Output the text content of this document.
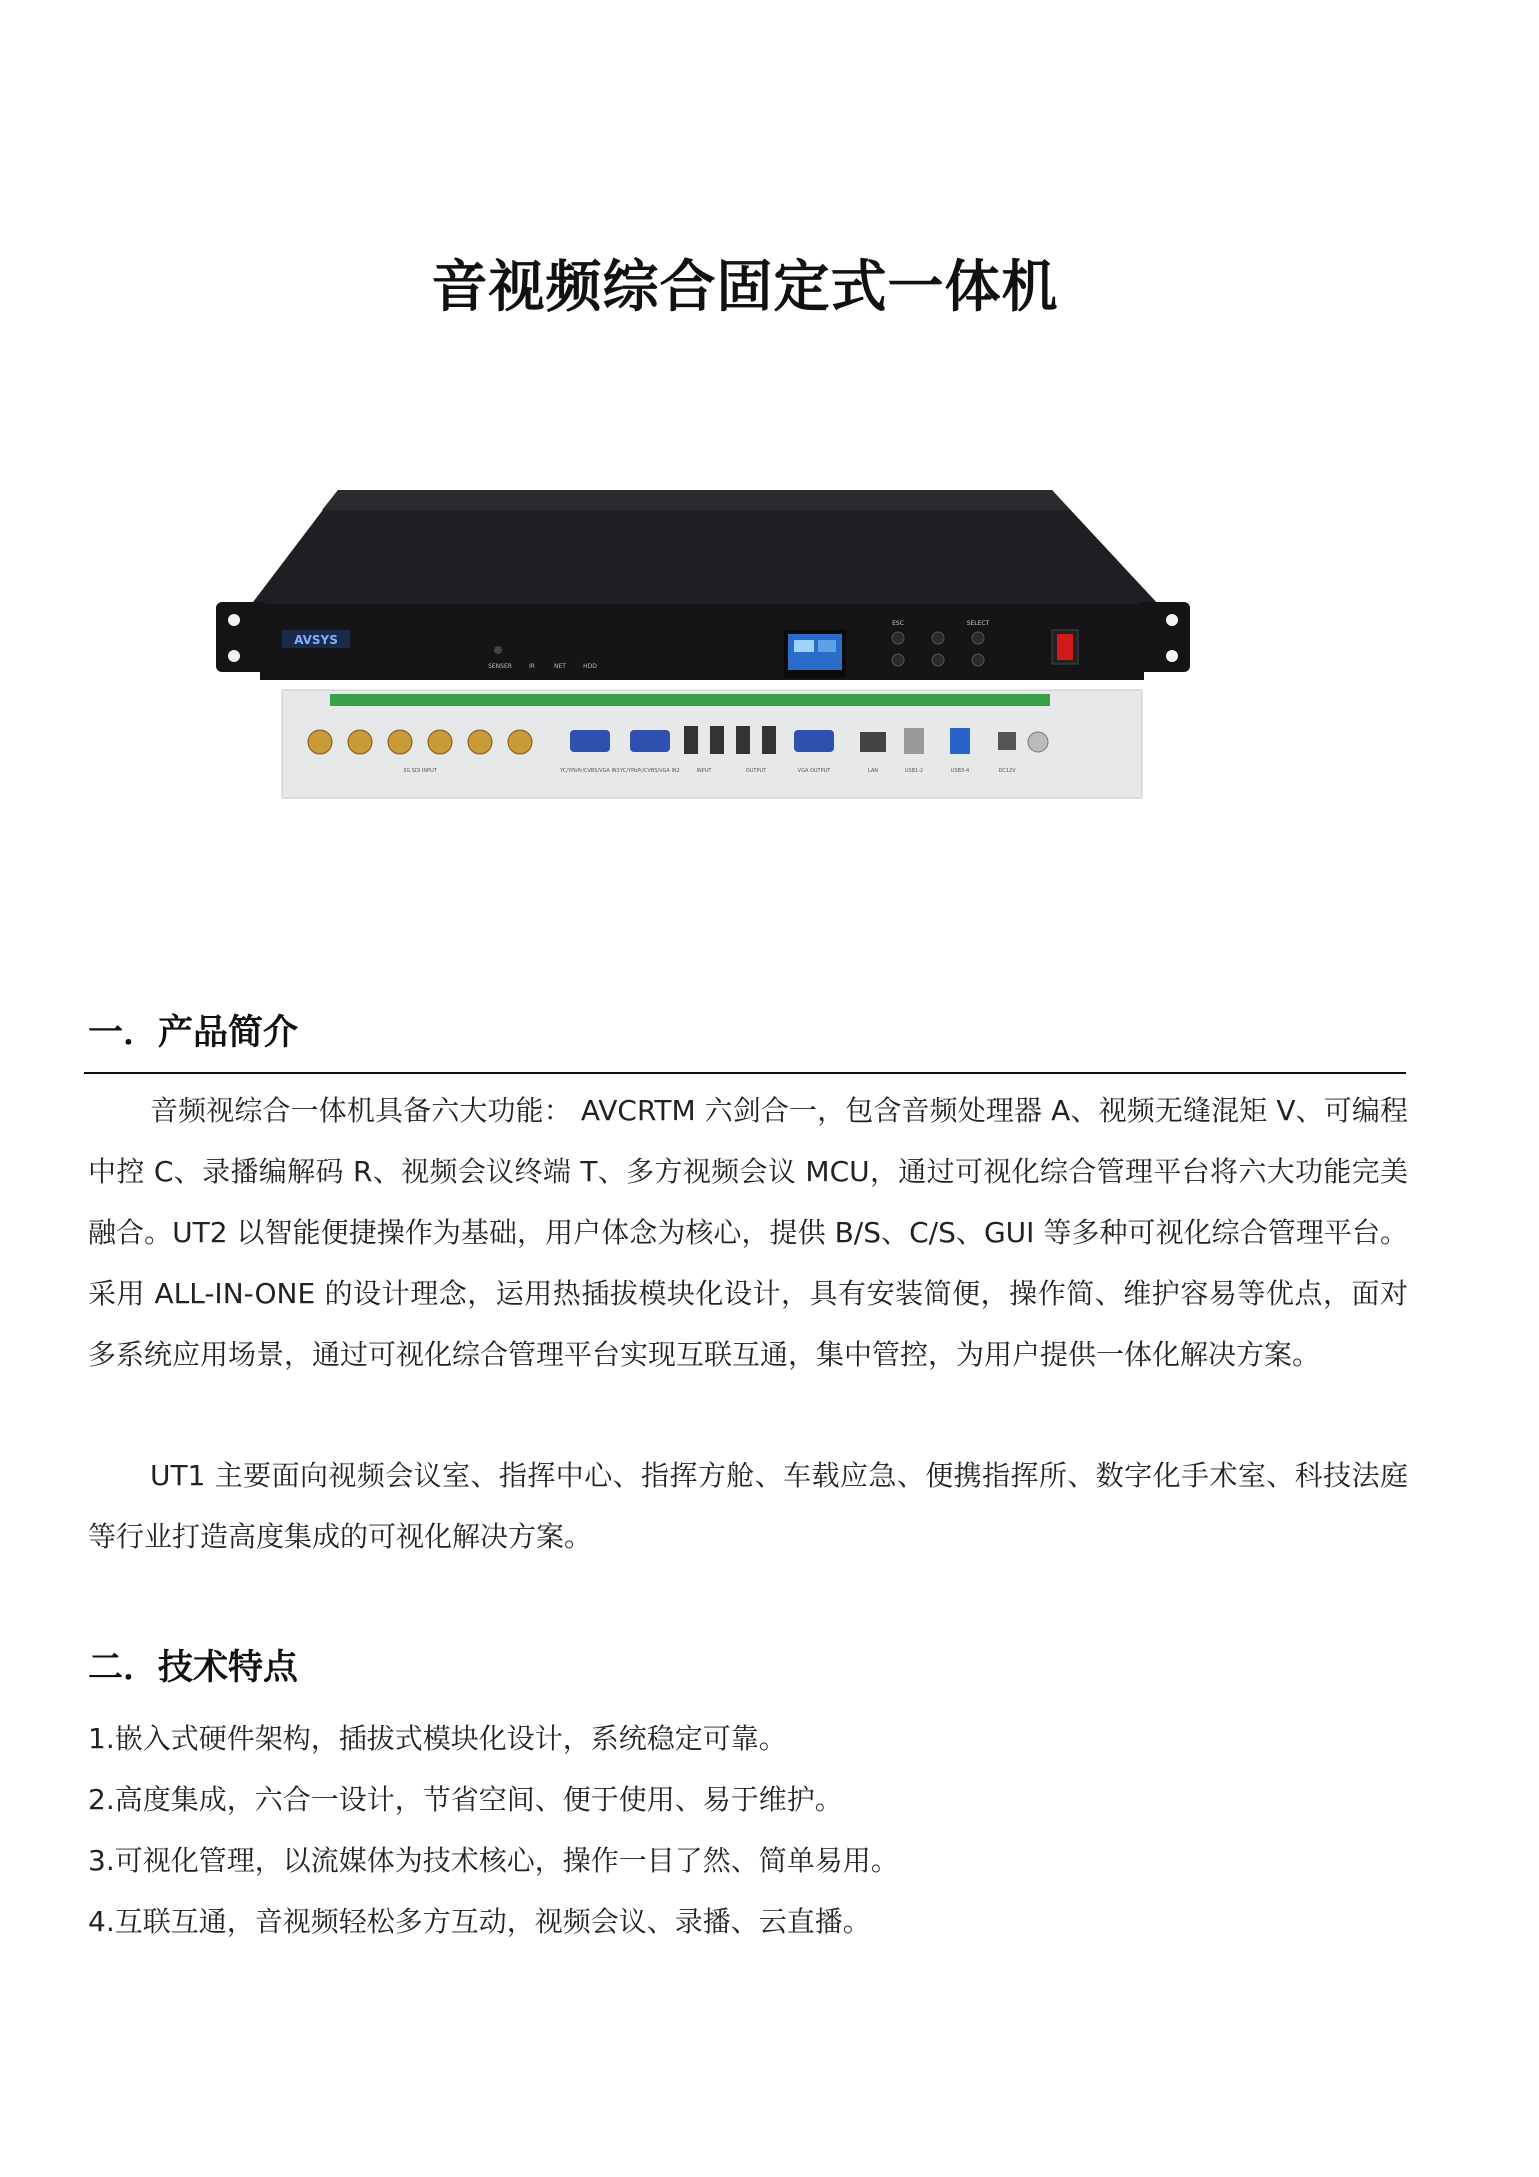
音视频综合固定式一体机
AVSYS
SENSER	IR	NET	HDD
ESC	SELECT
3G SDI INPUT	YC/YPbPr/CVBS/VGA IN1 YC/YPbPr/CVBS/VGA IN2	INPUT	OUTPUT	VGA OUTPUT	LAN	USB1-2	USB3-4	DC12V
一．产品简介

音频视综合一体机具备六大功能： AVCRTM 六剑合一，包含音频处理器 A、视频无缝混矩 V、可编程中控 C、录播编解码 R、视频会议终端 T、多方视频会议 MCU，通过可视化综合管理平台将六大功能完美融合。UT2 以智能便捷操作为基础，用户体念为核心，提供 B/S、C/S、GUI 等多种可视化综合管理平台。采用 ALL-IN-ONE 的设计理念，运用热插拔模块化设计，具有安装简便，操作简、维护容易等优点，面对多系统应用场景，通过可视化综合管理平台实现互联互通，集中管控，为用户提供一体化解决方案。

UT1 主要面向视频会议室、指挥中心、指挥方舱、车载应急、便携指挥所、数字化手术室、科技法庭等行业打造高度集成的可视化解决方案。

二．技术特点
1.嵌入式硬件架构，插拔式模块化设计，系统稳定可靠。
2.高度集成，六合一设计，节省空间、便于使用、易于维护。
3.可视化管理，以流媒体为技术核心，操作一目了然、简单易用。
4.互联互通，音视频轻松多方互动，视频会议、录播、云直播。
